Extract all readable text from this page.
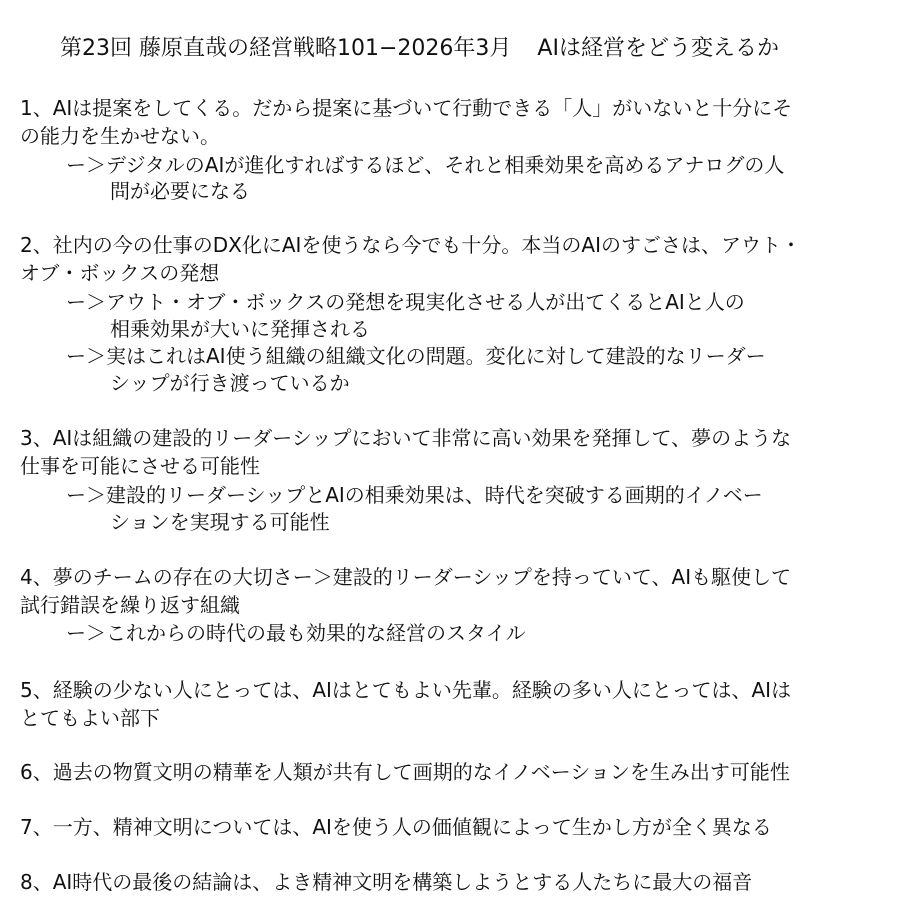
第23回 藤原直哉の経営戦略101−2026年3月 AIは経営をどう変えるか
1、AIは提案をしてくる。だから提案に基づいて行動できる「人」がいないと十分にそ
の能力を生かせない。
ー＞デジタルのAIが進化すればするほど、それと相乗効果を高めるアナログの人
問が必要になる
2、社内の今の仕事のDX化にAIを使うなら今でも十分。本当のAIのすごさは、アウト・
オブ・ボックスの発想
ー＞アウト・オブ・ボックスの発想を現実化させる人が出てくるとAIと人の
相乗効果が大いに発揮される
ー＞実はこれはAI使う組織の組織文化の問題。変化に対して建設的なリーダー
シップが行き渡っているか
3、AIは組織の建設的リーダーシップにおいて非常に高い効果を発揮して、夢のような
仕事を可能にさせる可能性
ー＞建設的リーダーシップとAIの相乗効果は、時代を突破する画期的イノベー
ションを実現する可能性
4、夢のチームの存在の大切さー＞建設的リーダーシップを持っていて、AIも駆使して
試行錯誤を繰り返す組織
ー＞これからの時代の最も効果的な経営のスタイル
5、経験の少ない人にとっては、AIはとてもよい先輩。経験の多い人にとっては、AIは
とてもよい部下
6、過去の物質文明の精華を人類が共有して画期的なイノベーションを生み出す可能性
7、一方、精神文明については、AIを使う人の価値観によって生かし方が全く異なる
8、AI時代の最後の結論は、よき精神文明を構築しようとする人たちに最大の福音
